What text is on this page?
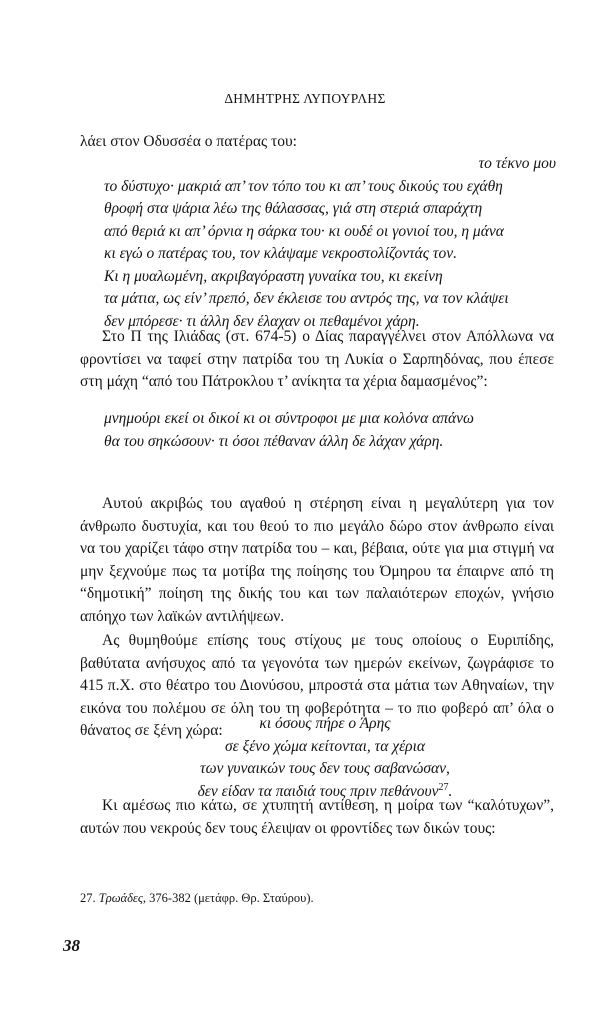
ΔΗΜΗΤΡΗΣ ΛΥΠΟΥΡΛΗΣ
λάει στον Οδυσσέα ο πατέρας του:
το τέκνο μου
το δύστυχο· μακριά απ’ τον τόπο του κι απ’ τους δικούς του εχάθη
θροφή στα ψάρια λέω της θάλασσας, γιά στη στεριά σπαράχτη
από θεριά κι απ’ όρνια η σάρκα του· κι ουδέ οι γονιοί του, η μάνα
κι εγώ ο πατέρας του, τον κλάψαμε νεκροστολίζοντάς τον.
Κι η μυαλωμένη, ακριβαγόραστη γυναίκα του, κι εκείνη
τα μάτια, ως είν’ πρεπό, δεν έκλεισε του αντρός της, να τον κλάψει
δεν μπόρεσε· τι άλλη δεν έλαχαν οι πεθαμένοι χάρη.

Στο Π της Ιλιάδας (στ. 674-5) ο Δίας παραγγέλνει στον Απόλλωνα να φροντίσει να ταφεί στην πατρίδα του τη Λυκία ο Σαρπηδόνας, που έπεσε στη μάχη “από του Πάτροκλου τ’ ανίκητα τα χέρια δαμασμένος”:

μνημούρι εκεί οι δικοί κι οι σύντροφοι με μια κολόνα απάνω
θα του σηκώσουν· τι όσοι πέθαναν άλλη δε λάχαν χάρη.

Αυτού ακριβώς του αγαθού η στέρηση είναι η μεγαλύτερη για τον άνθρωπο δυστυχία, και του θεού το πιο μεγάλο δώρο στον άνθρωπο είναι να του χαρίζει τάφο στην πατρίδα του – και, βέβαια, ούτε για μια στιγμή να μην ξεχνούμε πως τα μοτίβα της ποίησης του Όμηρου τα έπαιρνε από τη “δημοτική” ποίηση της δικής του και των παλαιότερων εποχών, γνήσιο απόηχο των λαϊκών αντιλήψεων.

Ας θυμηθούμε επίσης τους στίχους με τους οποίους ο Ευριπίδης, βαθύτατα ανήσυχος από τα γεγονότα των ημερών εκείνων, ζωγράφισε το 415 π.Χ. στο θέατρο του Διονύσου, μπροστά στα μάτια των Αθηναίων, την εικόνα του πολέμου σε όλη του τη φοβερότητα – το πιο φοβερό απ’ όλα ο θάνατος σε ξένη χώρα:	κι όσους πήρε ο Άρης
σε ξένο χώμα κείτονται, τα χέρια
των γυναικών τους δεν τους σαβανώσαν,
δεν είδαν τα παιδιά τους πριν πεθάνουν$^{27}$.

Κι αμέσως πιο κάτω, σε χτυπητή αντίθεση, η μοίρα των “καλότυχων”, αυτών που νεκρούς δεν τους έλειψαν οι φροντίδες των δικών τους:

27. Τρωάδες, 376-382 (μετάφρ. Θρ. Σταύρου).
38
